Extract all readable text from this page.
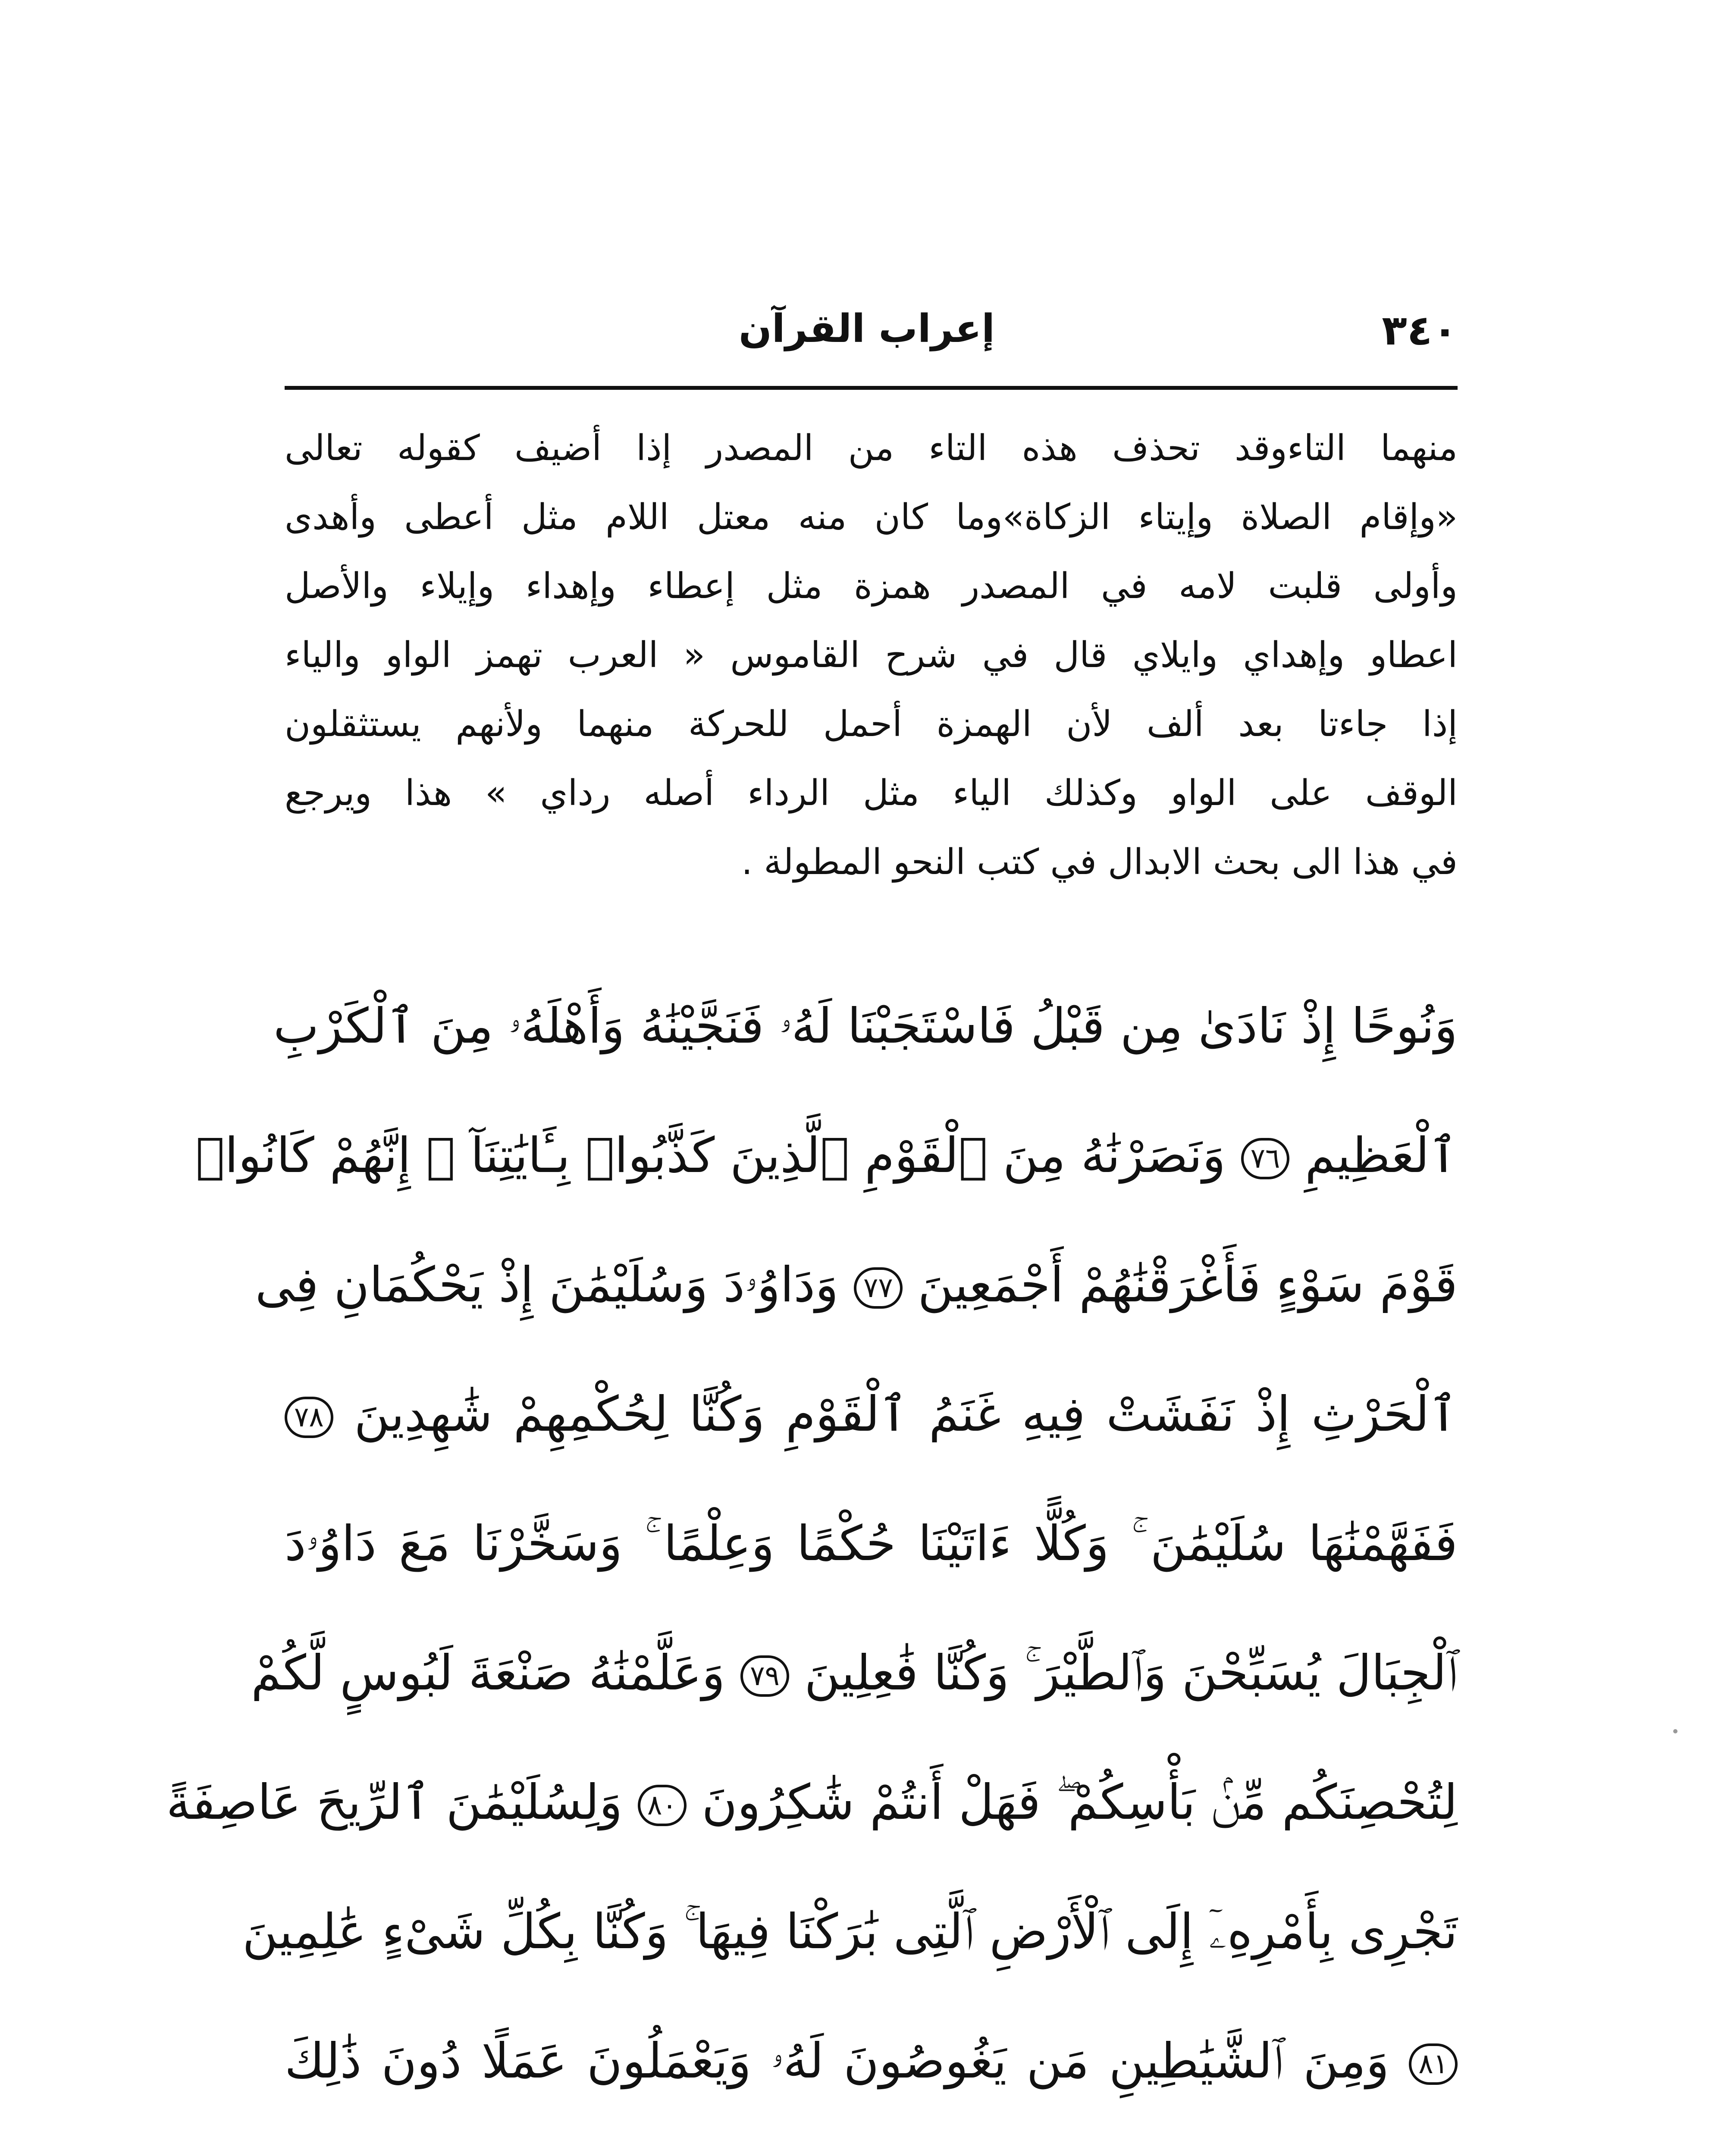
٣٤٠
إعراب القرآن
منهما التاءوقد تحذف هذه التاء من المصدر إذا أضيف كقوله تعالى
«وإقام الصلاة وإيتاء الزكاة»وما كان منه معتل اللام مثل أعطى وأهدى
وأولى قلبت لامه في المصدر همزة مثل إعطاء وإهداء وإيلاء والأصل
اعطاو وإهداي وايلاي قال في شرح القاموس « العرب تهمز الواو والياء
إذا جاءتا بعد ألف لأن الهمزة أحمل للحركة منهما ولأنهم يستثقلون
الوقف على الواو وكذلك الياء مثل الرداء أصله رداي » هذا ويرجع
في هذا الى بحث الابدال في كتب النحو المطولة .
وَنُوحًا إِذْ نَادَىٰ مِن قَبْلُ فَاسْتَجَبْنَا لَهُۥ فَنَجَّيْنَٰهُ وَأَهْلَهُۥ مِنَ ٱلْكَرْبِ
ٱلْعَظِيمِ ٧٦ وَنَصَرْنَٰهُ مِنَ ٱلْقَوْمِ ٱلَّذِينَ كَذَّبُوا۟ بِـَٔايَٰتِنَآ ۚ إِنَّهُمْ كَانُوا۟
قَوْمَ سَوْءٍ فَأَغْرَقْنَٰهُمْ أَجْمَعِينَ ٧٧ وَدَاوُۥدَ وَسُلَيْمَٰنَ إِذْ يَحْكُمَانِ فِى
ٱلْحَرْثِ إِذْ نَفَشَتْ فِيهِ غَنَمُ ٱلْقَوْمِ وَكُنَّا لِحُكْمِهِمْ شَٰهِدِينَ ٧٨
فَفَهَّمْنَٰهَا سُلَيْمَٰنَ ۚ وَكُلًّا ءَاتَيْنَا حُكْمًا وَعِلْمًا ۚ وَسَخَّرْنَا مَعَ دَاوُۥدَ
ٱلْجِبَالَ يُسَبِّحْنَ وَٱلطَّيْرَ ۚ وَكُنَّا فَٰعِلِينَ ٧٩ وَعَلَّمْنَٰهُ صَنْعَةَ لَبُوسٍ لَّكُمْ
لِتُحْصِنَكُم مِّنۢ بَأْسِكُمْ ۖ فَهَلْ أَنتُمْ شَٰكِرُونَ ٨٠ وَلِسُلَيْمَٰنَ ٱلرِّيحَ عَاصِفَةً
تَجْرِى بِأَمْرِهِۦٓ إِلَى ٱلْأَرْضِ ٱلَّتِى بَٰرَكْنَا فِيهَا ۚ وَكُنَّا بِكُلِّ شَىْءٍ عَٰلِمِينَ
٨١ وَمِنَ ٱلشَّيَٰطِينِ مَن يَغُوصُونَ لَهُۥ وَيَعْمَلُونَ عَمَلًا دُونَ ذَٰلِكَ
